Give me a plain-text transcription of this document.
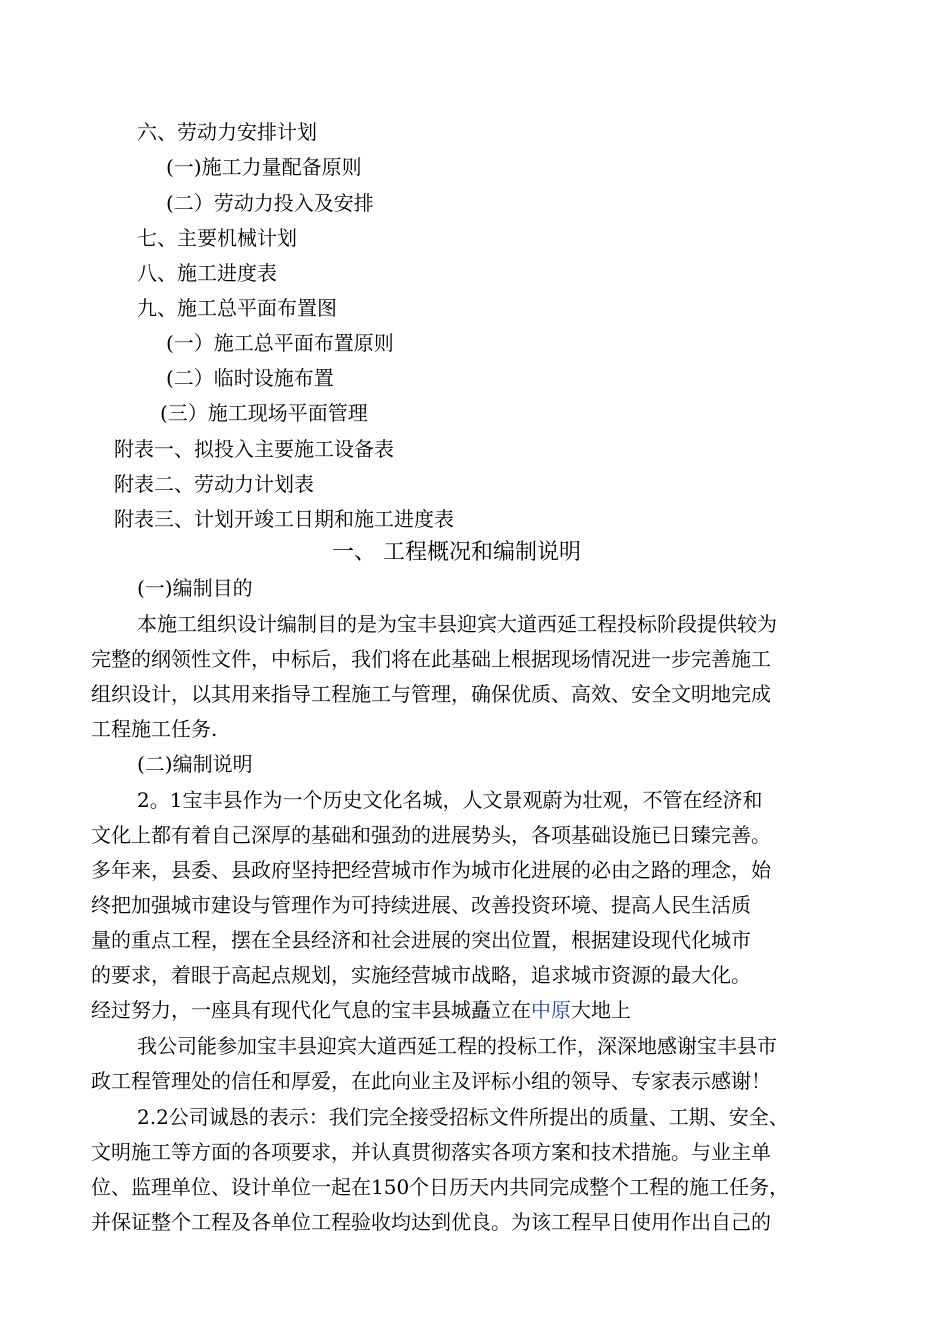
六、劳动力安排计划
(一)施工力量配备原则
(二）劳动力投入及安排
七、主要机械计划
八、施工进度表
九、施工总平面布置图
(一）施工总平面布置原则
(二）临时设施布置
(三）施工现场平面管理
附表一、拟投入主要施工设备表
附表二、劳动力计划表
附表三、计划开竣工日期和施工进度表
一、 工程概况和编制说明
(一)编制目的
本施工组织设计编制目的是为宝丰县迎宾大道西延工程投标阶段提供较为
完整的纲领性文件，中标后，我们将在此基础上根据现场情况进一步完善施工
组织设计，以其用来指导工程施工与管理，确保优质、高效、安全文明地完成
工程施工任务.
(二)编制说明
2。1宝丰县作为一个历史文化名城，人文景观蔚为壮观，不管在经济和
文化上都有着自己深厚的基础和强劲的进展势头，各项基础设施已日臻完善。
多年来，县委、县政府坚持把经营城市作为城市化进展的必由之路的理念，始
终把加强城市建设与管理作为可持续进展、改善投资环境、提高人民生活质
量的重点工程，摆在全县经济和社会进展的突出位置，根据建设现代化城市
的要求，着眼于高起点规划，实施经营城市战略，追求城市资源的最大化。
经过努力，一座具有现代化气息的宝丰县城矗立在中原大地上
我公司能参加宝丰县迎宾大道西延工程的投标工作，深深地感谢宝丰县市
政工程管理处的信任和厚爱，在此向业主及评标小组的领导、专家表示感谢！
2.2公司诚恳的表示：我们完全接受招标文件所提出的质量、工期、安全、
文明施工等方面的各项要求，并认真贯彻落实各项方案和技术措施。与业主单
位、监理单位、设计单位一起在150个日历天内共同完成整个工程的施工任务，
并保证整个工程及各单位工程验收均达到优良。为该工程早日使用作出自己的
